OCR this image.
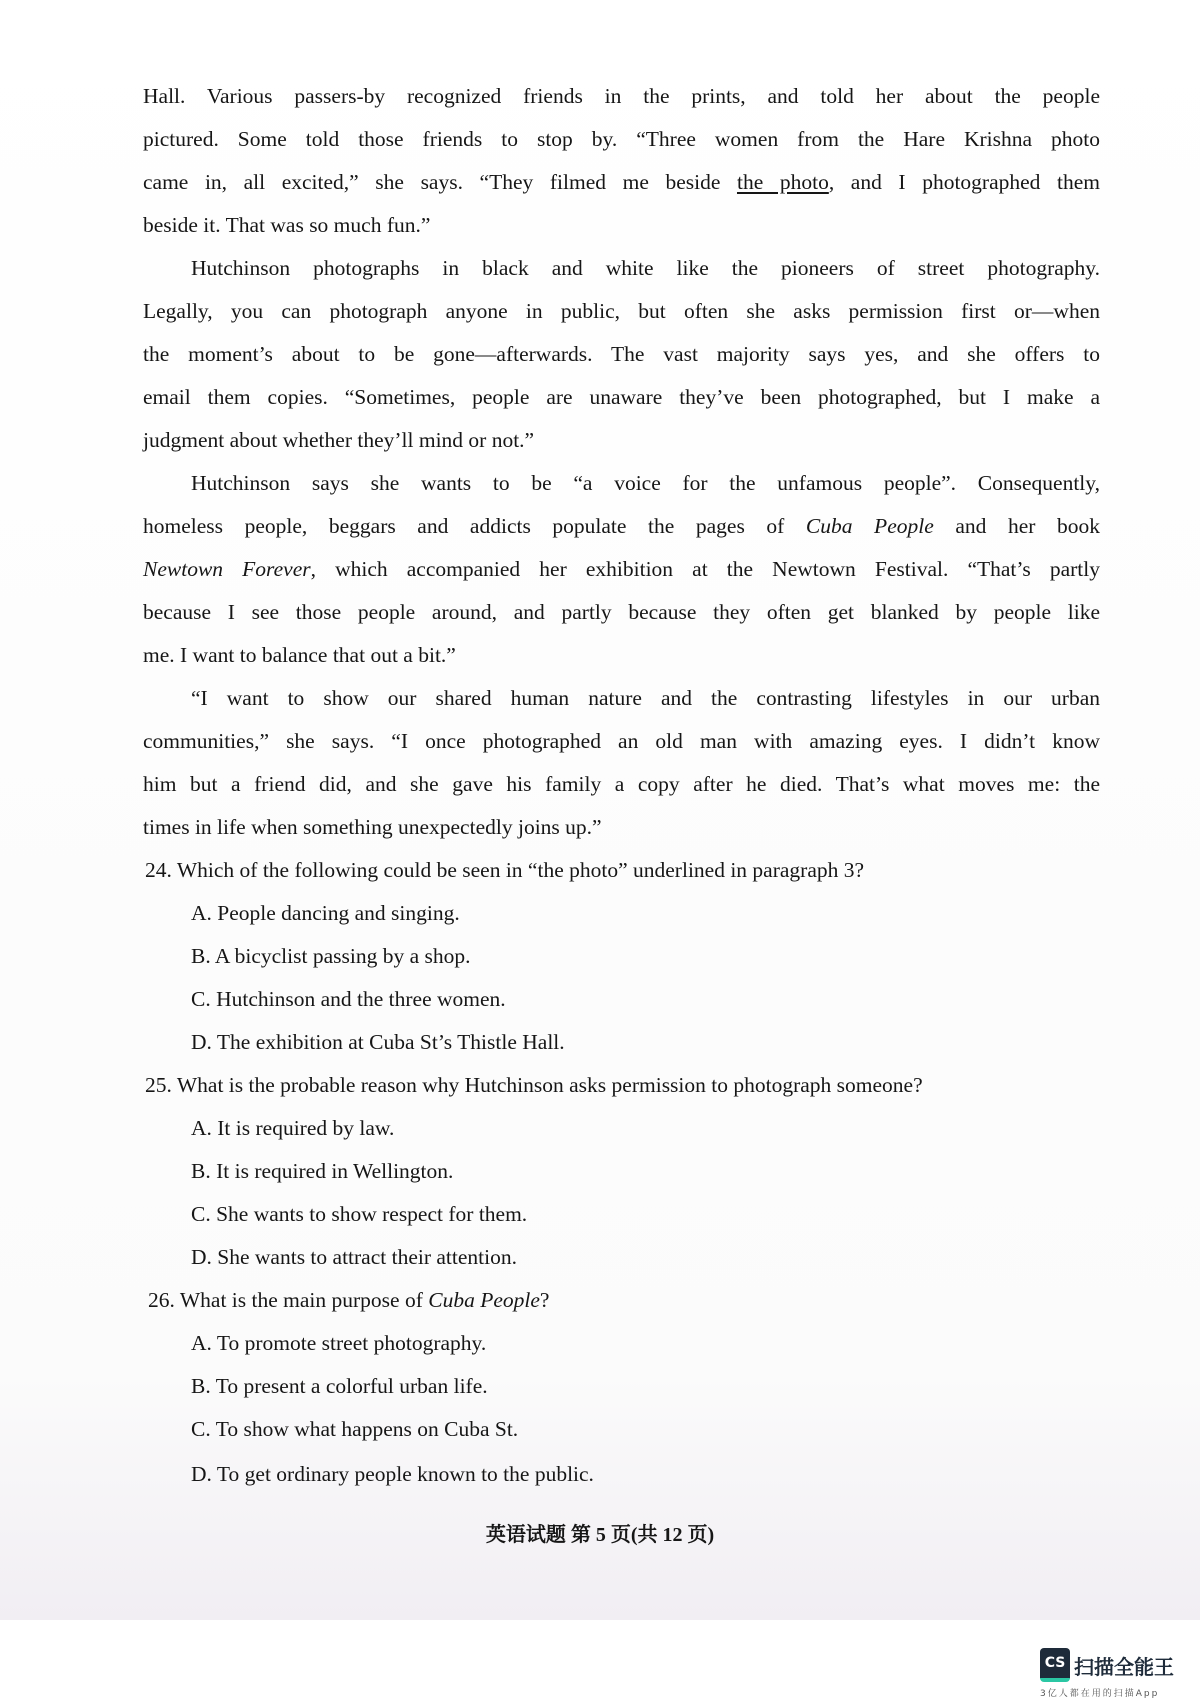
Hall. Various passers-by recognized friends in the prints, and told her about the people
pictured. Some told those friends to stop by. “Three women from the Hare Krishna photo
came in, all excited,” she says. “They filmed me beside the photo, and I photographed them
beside it. That was so much fun.”
Hutchinson photographs in black and white like the pioneers of street photography.
Legally, you can photograph anyone in public, but often she asks permission first or—when
the moment’s about to be gone—afterwards. The vast majority says yes, and she offers to
email them copies. “Sometimes, people are unaware they’ve been photographed, but I make a
judgment about whether they’ll mind or not.”
Hutchinson says she wants to be “a voice for the unfamous people”. Consequently,
homeless people, beggars and addicts populate the pages of Cuba People and her book
Newtown Forever, which accompanied her exhibition at the Newtown Festival. “That’s partly
because I see those people around, and partly because they often get blanked by people like
me. I want to balance that out a bit.”
“I want to show our shared human nature and the contrasting lifestyles in our urban
communities,” she says. “I once photographed an old man with amazing eyes. I didn’t know
him but a friend did, and she gave his family a copy after he died. That’s what moves me: the
times in life when something unexpectedly joins up.”
24. Which of the following could be seen in “the photo” underlined in paragraph 3?
A. People dancing and singing.
B. A bicyclist passing by a shop.
C. Hutchinson and the three women.
D. The exhibition at Cuba St’s Thistle Hall.
25. What is the probable reason why Hutchinson asks permission to photograph someone?
A. It is required by law.
B. It is required in Wellington.
C. She wants to show respect for them.
D. She wants to attract their attention.
26. What is the main purpose of Cuba People?
A. To promote street photography.
B. To present a colorful urban life.
C. To show what happens on Cuba St.
D. To get ordinary people known to the public.
英语试题 第 5 页(共 12 页)
CS 扫描全能王
3亿人都在用的扫描App
